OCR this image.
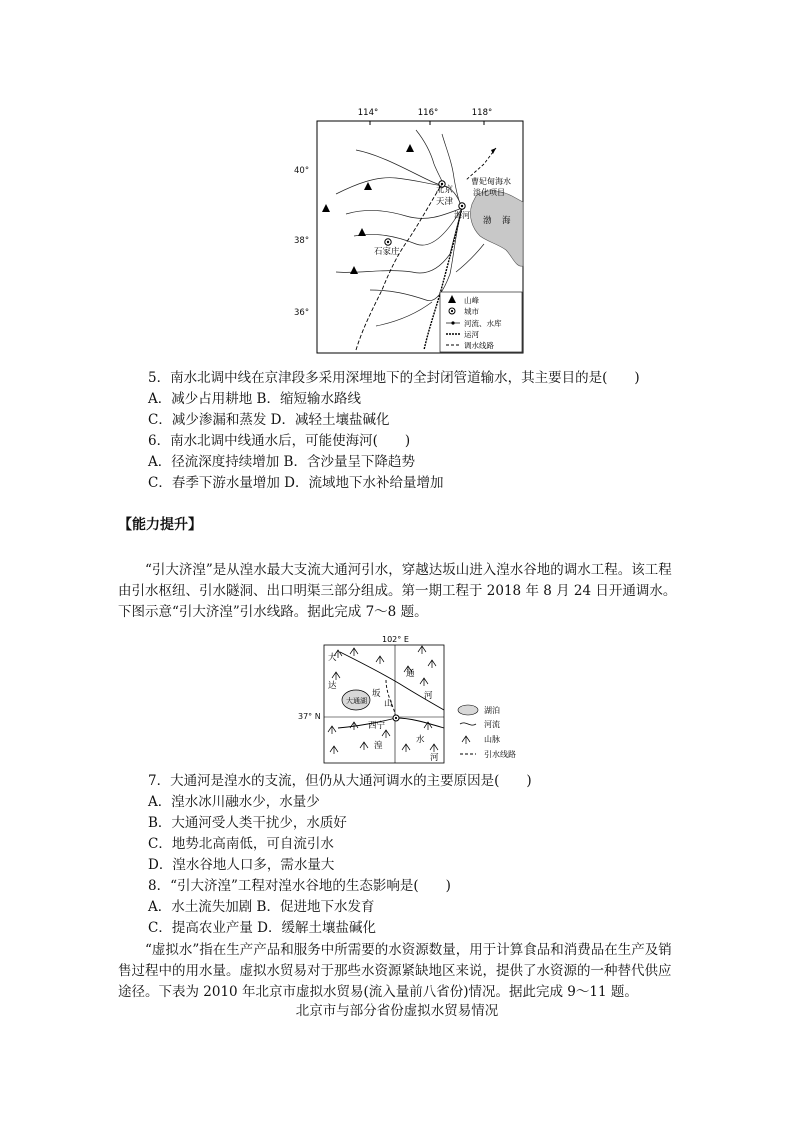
114°	116°	118°
渤 海
北京
天津
海河
石家庄
曹妃甸海水
淡化项目
山峰
城市
河流、水库
运河
调水线路
40°
38°
36°
5．南水北调中线在京津段多采用深埋地下的全封闭管道输水，其主要目的是(　　)
A．减少占用耕地 B．缩短输水路线
C．减少渗漏和蒸发 D．减轻土壤盐碱化
6．南水北调中线通水后，可能使海河(　　)
A．径流深度持续增加 B．含沙量呈下降趋势
C．春季下游水量增加 D．流域地下水补给量增加
【能力提升】
“引大济湟”是从湟水最大支流大通河引水，穿越达坂山进入湟水谷地的调水工程。该工程由引水枢纽、引水隧洞、出口明渠三部分组成。第一期工程于 2018 年 8 月 24 日开通调水。下图示意“引大济湟”引水线路。据此完成 7～8 题。
102° E
大通湖
大
通
河
达
坂
山
西宁
湟
水
河
湖泊
河流
山脉
引水线路
37° N
7．大通河是湟水的支流，但仍从大通河调水的主要原因是(　　)
A．湟水冰川融水少，水量少
B．大通河受人类干扰少，水质好
C．地势北高南低，可自流引水
D．湟水谷地人口多，需水量大
8．“引大济湟”工程对湟水谷地的生态影响是(　　)
A．水土流失加剧 B．促进地下水发育
C．提高农业产量 D．缓解土壤盐碱化
“虚拟水”指在生产产品和服务中所需要的水资源数量，用于计算食品和消费品在生产及销售过程中的用水量。虚拟水贸易对于那些水资源紧缺地区来说，提供了水资源的一种替代供应途径。下表为 2010 年北京市虚拟水贸易(流入量前八省份)情况。据此完成 9～11 题。
北京市与部分省份虚拟水贸易情况
